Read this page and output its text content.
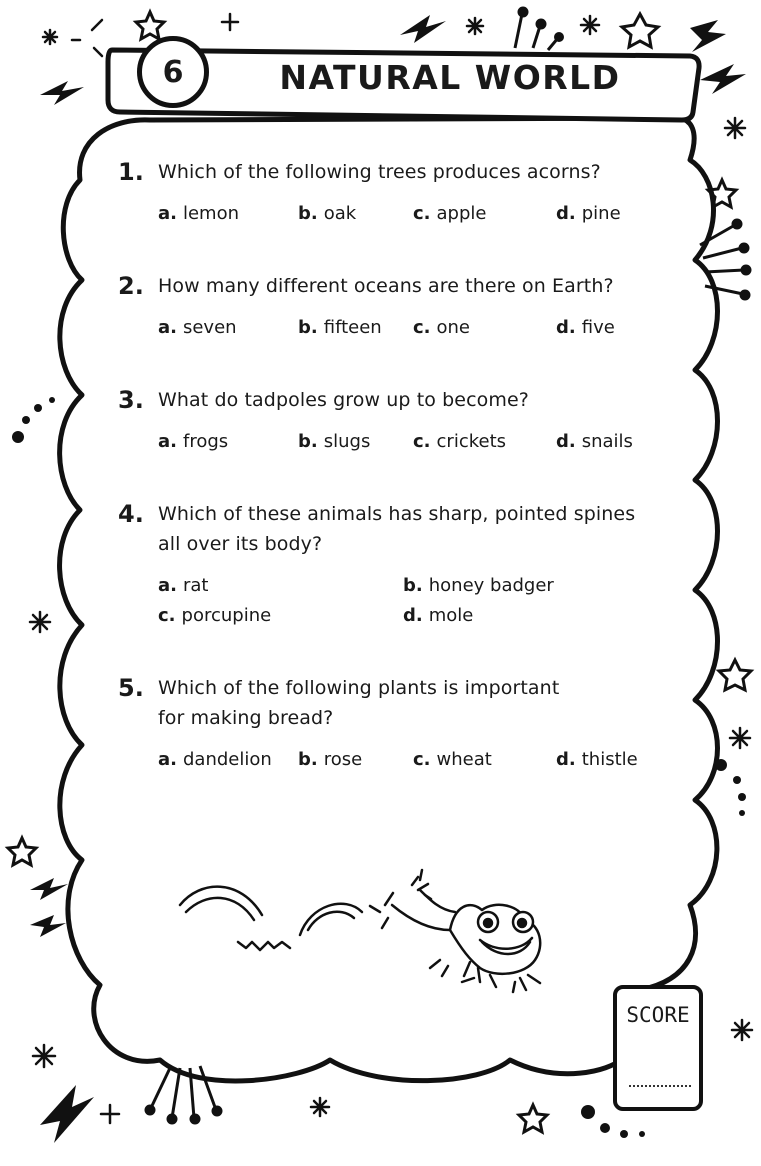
6	NATURAL WORLD
1. Which of the following trees produces acorns?
a. lemon	b. oak	c. apple	d. pine
2. How many different oceans are there on Earth?
a. seven	b. fifteen c. one	d. five
3. What do tadpoles grow up to become?
a. frogs	b. slugs c. crickets	d. snails
4. Which of these animals has sharp, pointed spines
all over its body?
a. rat	b. honey badger
c. porcupine	d. mole
5. Which of the following plants is important
for making bread?
a. dandelion b. rose	c. wheat	d. thistle
SCORE
